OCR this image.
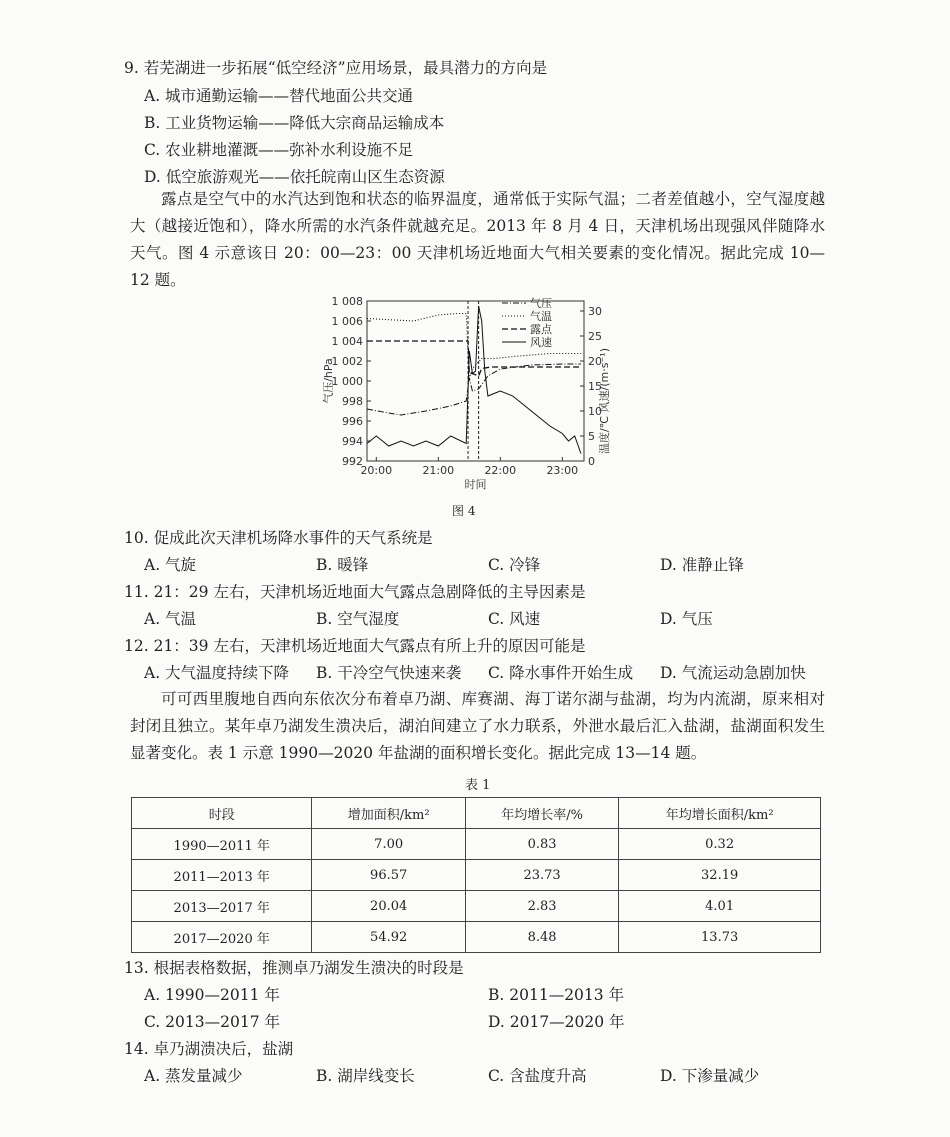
9. 若芜湖进一步拓展“低空经济”应用场景，最具潜力的方向是
A. 城市通勤运输——替代地面公共交通
B. 工业货物运输——降低大宗商品运输成本
C. 农业耕地灌溉——弥补水利设施不足
D. 低空旅游观光——依托皖南山区生态资源

露点是空气中的水汽达到饱和状态的临界温度，通常低于实际气温；二者差值越小，空气湿度越大（越接近饱和），降水所需的水汽条件就越充足。2013 年 8 月 4 日，天津机场出现强风伴随降水天气。图 4 示意该日 20：00—23：00 天津机场近地面大气相关要素的变化情况。据此完成 10—12 题。

1 008
1 006
1 004
1 002
1 000
998
996
994
992
30
25
20
15
10
5
0
20:00	21:00	22:00	23:00
时间
气压/hPa	温度/℃ 风速/(m·s⁻¹)
气压
气温
露点
风速
图 4
10. 促成此次天津机场降水事件的天气系统是
A. 气旋	B. 暖锋	C. 冷锋	D. 准静止锋
11. 21：29 左右，天津机场近地面大气露点急剧降低的主导因素是
A. 气温	B. 空气湿度	C. 风速	D. 气压
12. 21：39 左右，天津机场近地面大气露点有所上升的原因可能是
A. 大气温度持续下降 B. 干冷空气快速来袭 C. 降水事件开始生成 D. 气流运动急剧加快

可可西里腹地自西向东依次分布着卓乃湖、库赛湖、海丁诺尔湖与盐湖，均为内流湖，原来相对封闭且独立。某年卓乃湖发生溃决后，湖泊间建立了水力联系，外泄水最后汇入盐湖，盐湖面积发生显著变化。表 1 示意 1990—2020 年盐湖的面积增长变化。据此完成 13—14 题。

表 1
时段	增加面积/km²	年均增长率/%	年均增长面积/km²
1990—2011 年	7.00	0.83	0.32
2011—2013 年	96.57	23.73	32.19
2013—2017 年	20.04	2.83	4.01
2017—2020 年	54.92	8.48	13.73
13. 根据表格数据，推测卓乃湖发生溃决的时段是
A. 1990—2011 年	B. 2011—2013 年
C. 2013—2017 年	D. 2017—2020 年
14. 卓乃湖溃决后，盐湖
A. 蒸发量减少	B. 湖岸线变长	C. 含盐度升高	D. 下渗量减少
